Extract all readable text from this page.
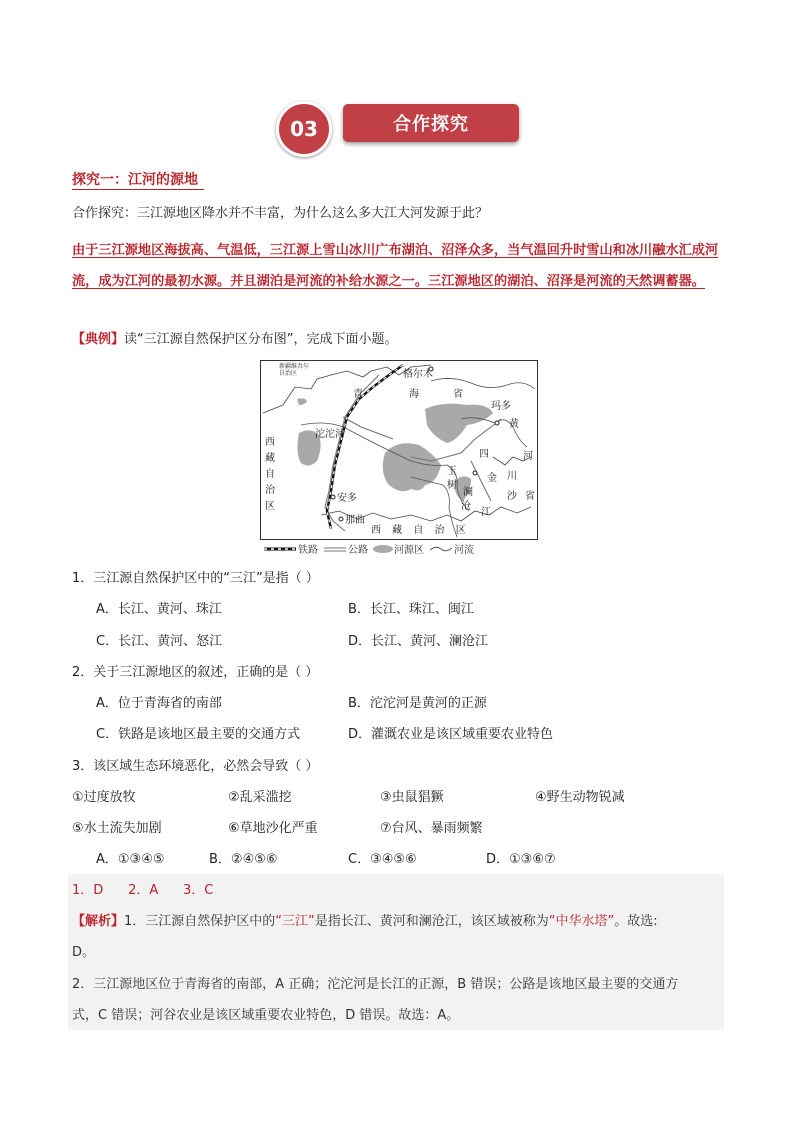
03	合作探究
探究一：江河的源地
合作探究：三江源地区降水并不丰富，为什么这么多大江大河发源于此？
由于三江源地区海拔高、气温低，三江源上雪山冰川广布湖泊、沼泽众多，当气温回升时雪山和冰川融水汇成河流，成为江河的最初水源。并且湖泊是河流的补给水源之一。三江源地区的湖泊、沼泽是河流的天然调蓄器。
【典例】读“三江源自然保护区分布图”，完成下面小题。
新疆维吾尔自治区	格尔木
青	海	省
玛多
黄
河
沱沱河
西
藏
自
治
区
玉树
四
川
省
金
沙
江
澜
沧
安多
那曲
西 藏 自 治 区
铁路	公路	河源区	河流
1．三江源自然保护区中的“三江”是指（ ）
A．长江、黄河、珠江	B．长江、珠江、闽江
C．长江、黄河、怒江	D．长江、黄河、澜沧江
2．关于三江源地区的叙述，正确的是（ ）
A．位于青海省的南部	B．沱沱河是黄河的正源
C．铁路是该地区最主要的交通方式	D．灌溉农业是该区域重要农业特色
3．该区域生态环境恶化，必然会导致（ ）
①过度放牧	②乱采滥挖	③虫鼠猖獗	④野生动物锐减
⑤水土流失加剧	⑥草地沙化严重	⑦台风、暴雨频繁
A．①③④⑤	B．②④⑤⑥	C．③④⑤⑥	D．①③⑥⑦
1．D      2．A      3．C
【解析】1．三江源自然保护区中的“三江”是指长江、黄河和澜沧江，该区域被称为“中华水塔”。故选:
D。
2．三江源地区位于青海省的南部，A 正确；沱沱河是长江的正源，B 错误；公路是该地区最主要的交通方
式，C 错误；河谷农业是该区域重要农业特色，D 错误。故选：A。
